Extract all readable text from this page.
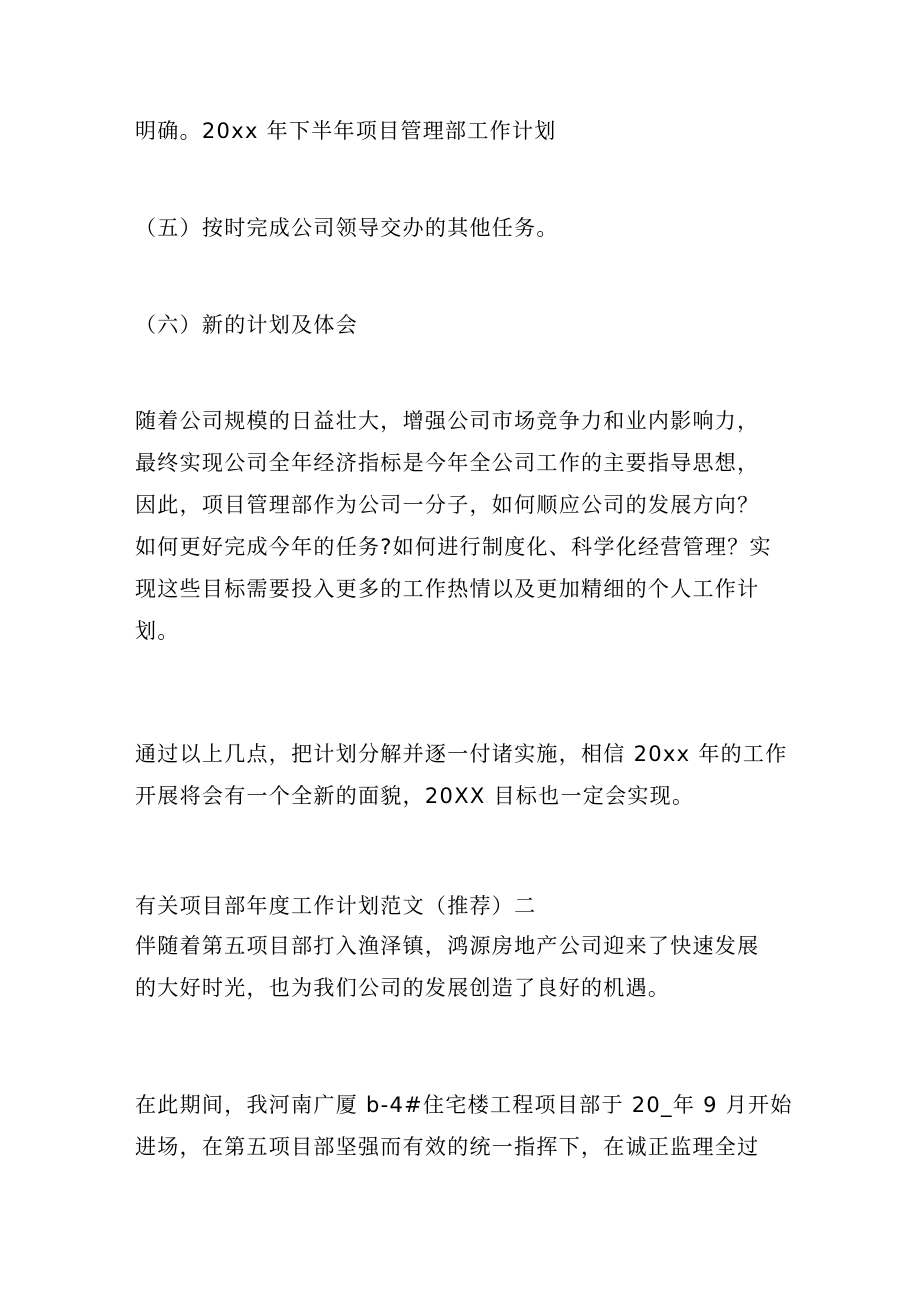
明确。20xx 年下半年项目管理部工作计划

（五）按时完成公司领导交办的其他任务。

（六）新的计划及体会

随着公司规模的日益壮大，增强公司市场竞争力和业内影响力，
最终实现公司全年经济指标是今年全公司工作的主要指导思想，
因此，项目管理部作为公司一分子，如何顺应公司的发展方向？
如何更好完成今年的任务?如何进行制度化、科学化经营管理？实
现这些目标需要投入更多的工作热情以及更加精细的个人工作计
划。

通过以上几点，把计划分解并逐一付诸实施，相信 20xx 年的工作
开展将会有一个全新的面貌，20XX 目标也一定会实现。

有关项目部年度工作计划范文（推荐）二
伴随着第五项目部打入渔泽镇，鸿源房地产公司迎来了快速发展
的大好时光，也为我们公司的发展创造了良好的机遇。

在此期间，我河南广厦 b-4#住宅楼工程项目部于 20_年 9 月开始
进场，在第五项目部坚强而有效的统一指挥下，在诚正监理全过
